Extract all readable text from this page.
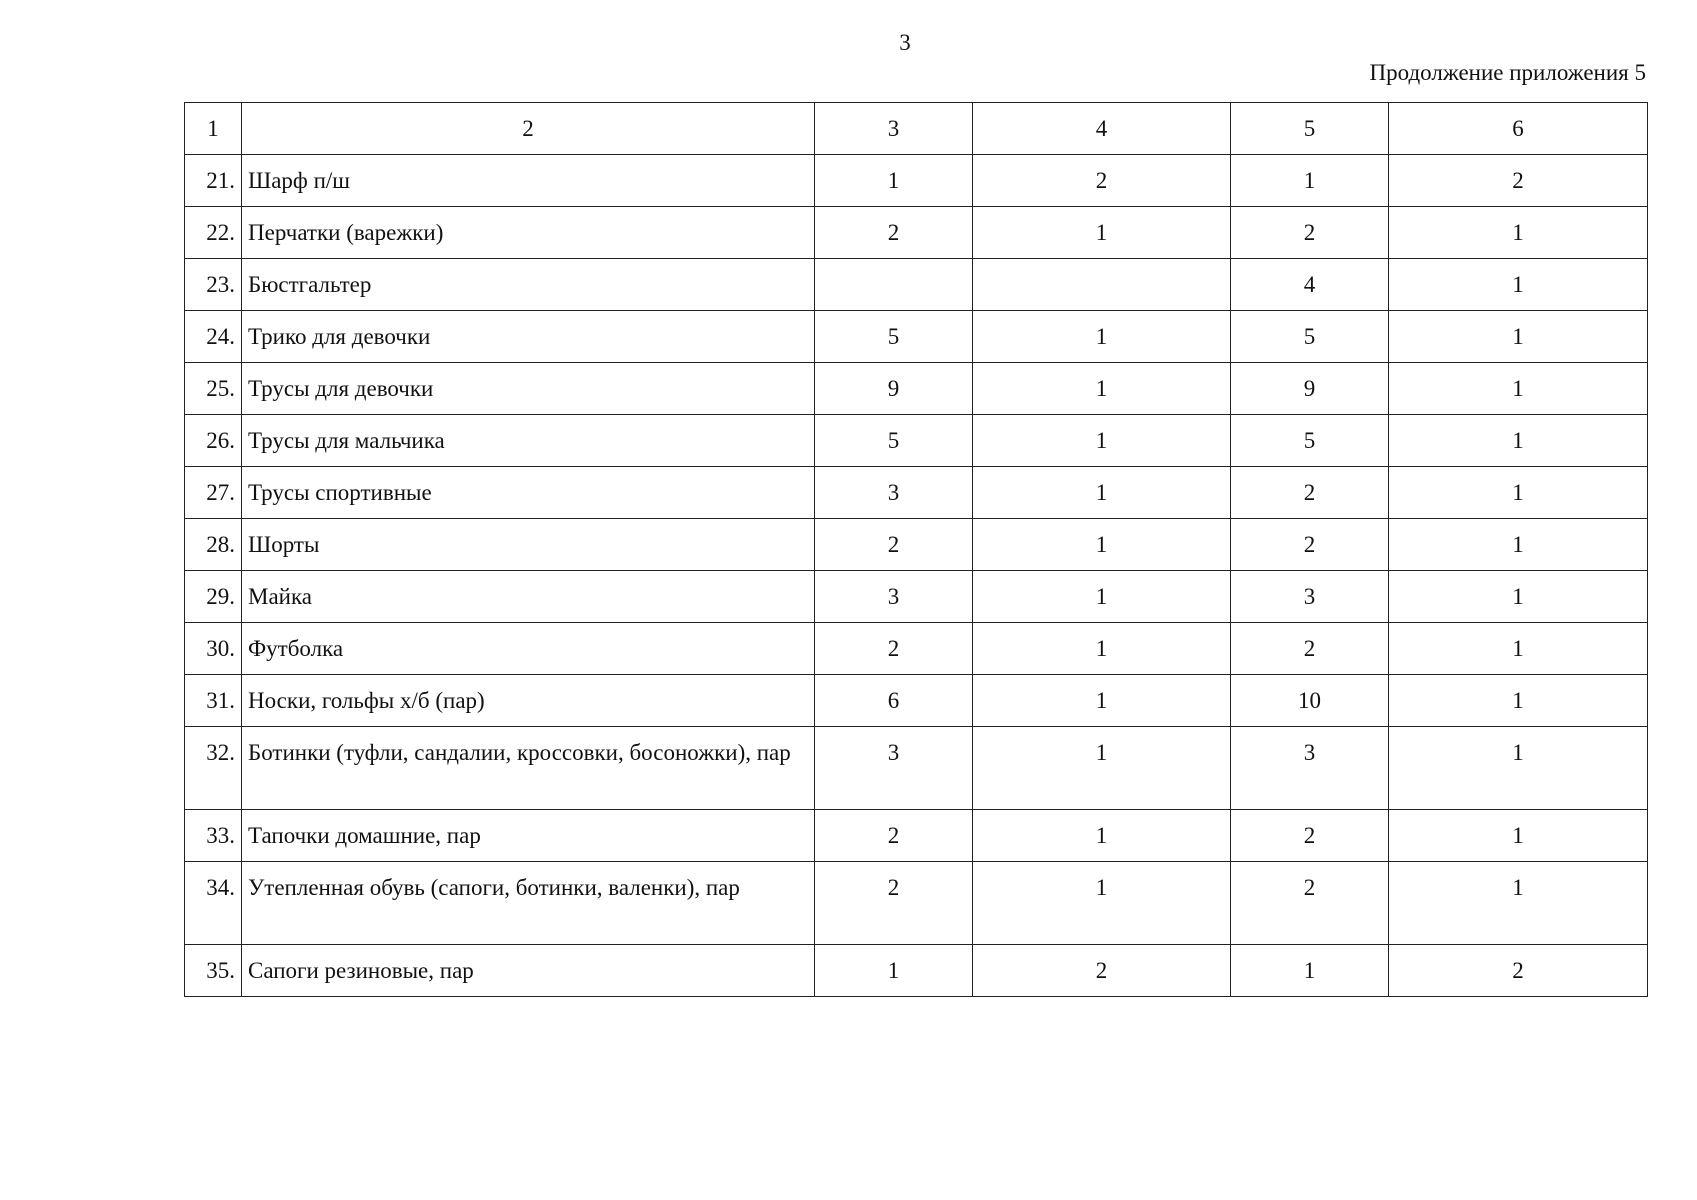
3
Продолжение приложения 5
1	2	3	4	5	6
21.	Шарф п/ш	1	2	1	2
22.	Перчатки (варежки)	2	1	2	1
23.	Бюстгальтер			4	1
24.	Трико для девочки	5	1	5	1
25.	Трусы для девочки	9	1	9	1
26.	Трусы для мальчика	5	1	5	1
27.	Трусы спортивные	3	1	2	1
28.	Шорты	2	1	2	1
29.	Майка	3	1	3	1
30.	Футболка	2	1	2	1
31.	Носки, гольфы х/б (пар)	6	1	10	1
32.	Ботинки (туфли, сандалии, кроссовки, босоножки), пар	3	1	3	1
33.	Тапочки домашние, пар	2	1	2	1
34.	Утепленная обувь (сапоги, ботинки, валенки), пар	2	1	2	1
35.	Сапоги резиновые, пар	1	2	1	2
